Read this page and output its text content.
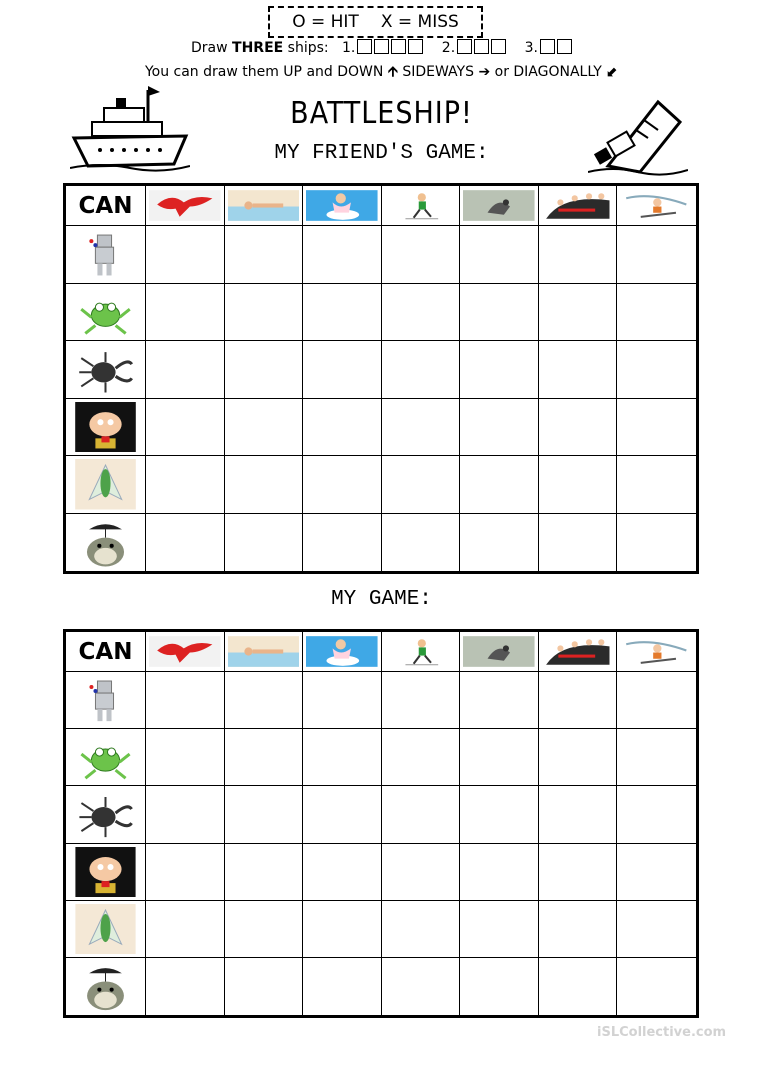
O = HIT X = MISS
Draw THREE ships: 1.	2.	3.
You can draw them UP and DOWN 🡩 SIDEWAYS ➔ or DIAGONALLY ⬋
BATTLESHIP!
MY FRIEND'S GAME:
MY GAME:
CAN
CAN
iSLCollective.com
